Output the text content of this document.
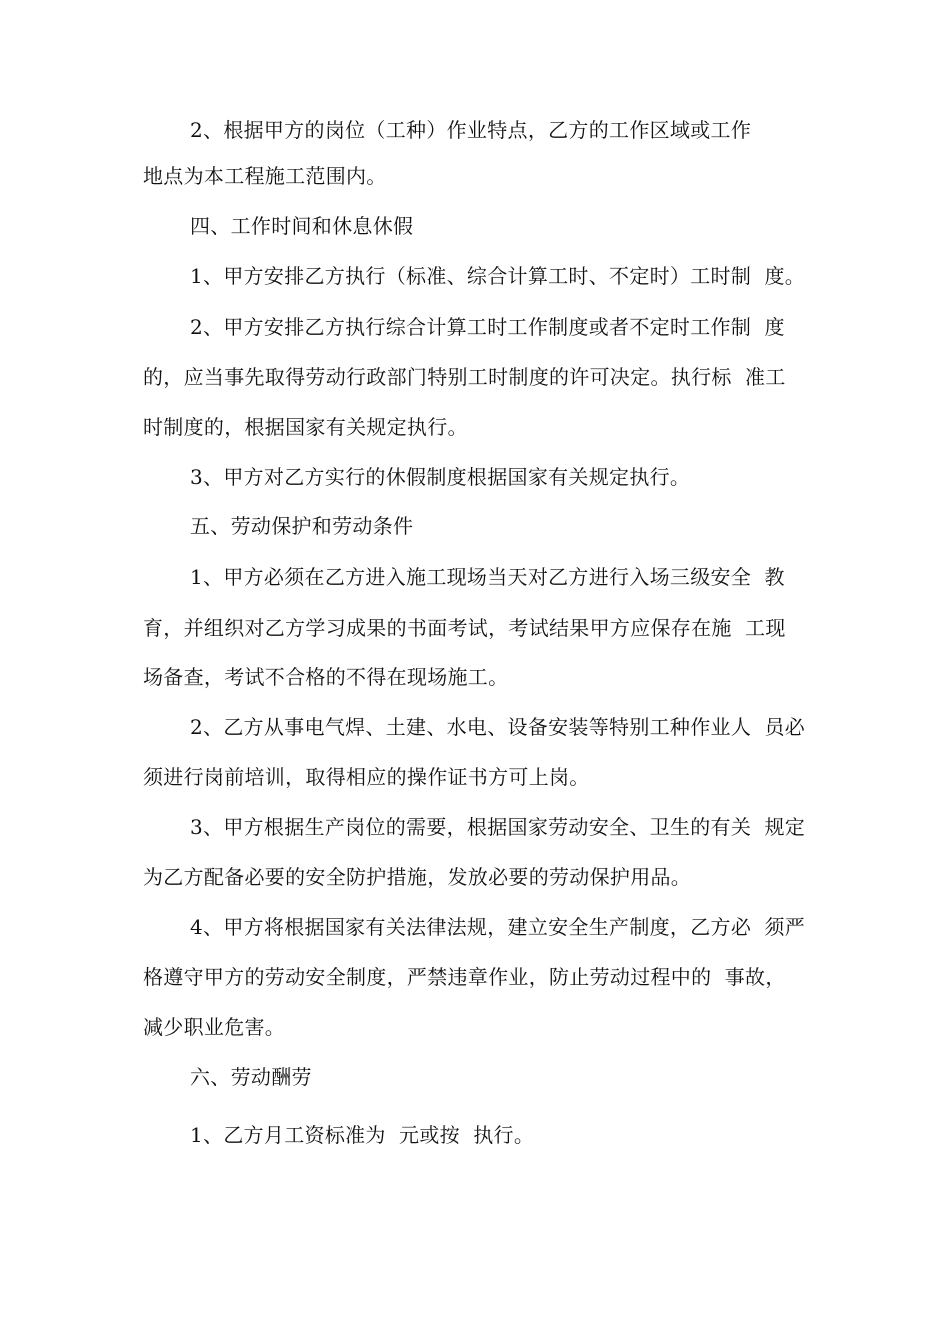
2、根据甲方的岗位（工种）作业特点，乙方的工作区域或工作
地点为本工程施工范围内。
四、工作时间和休息休假
1、甲方安排乙方执行（标准、综合计算工时、不定时）工时制  度。
2、甲方安排乙方执行综合计算工时工作制度或者不定时工作制  度
的，应当事先取得劳动行政部门特别工时制度的许可决定。执行标  准工
时制度的，根据国家有关规定执行。
3、甲方对乙方实行的休假制度根据国家有关规定执行。
五、劳动保护和劳动条件
1、甲方必须在乙方进入施工现场当天对乙方进行入场三级安全  教
育，并组织对乙方学习成果的书面考试，考试结果甲方应保存在施  工现
场备查，考试不合格的不得在现场施工。
2、乙方从事电气焊、土建、水电、设备安装等特别工种作业人  员必
须进行岗前培训，取得相应的操作证书方可上岗。
3、甲方根据生产岗位的需要，根据国家劳动安全、卫生的有关  规定
为乙方配备必要的安全防护措施，发放必要的劳动保护用品。
4、甲方将根据国家有关法律法规，建立安全生产制度，乙方必  须严
格遵守甲方的劳动安全制度，严禁违章作业，防止劳动过程中的  事故，
减少职业危害。
六、劳动酬劳
1、乙方月工资标准为  元或按  执行。
